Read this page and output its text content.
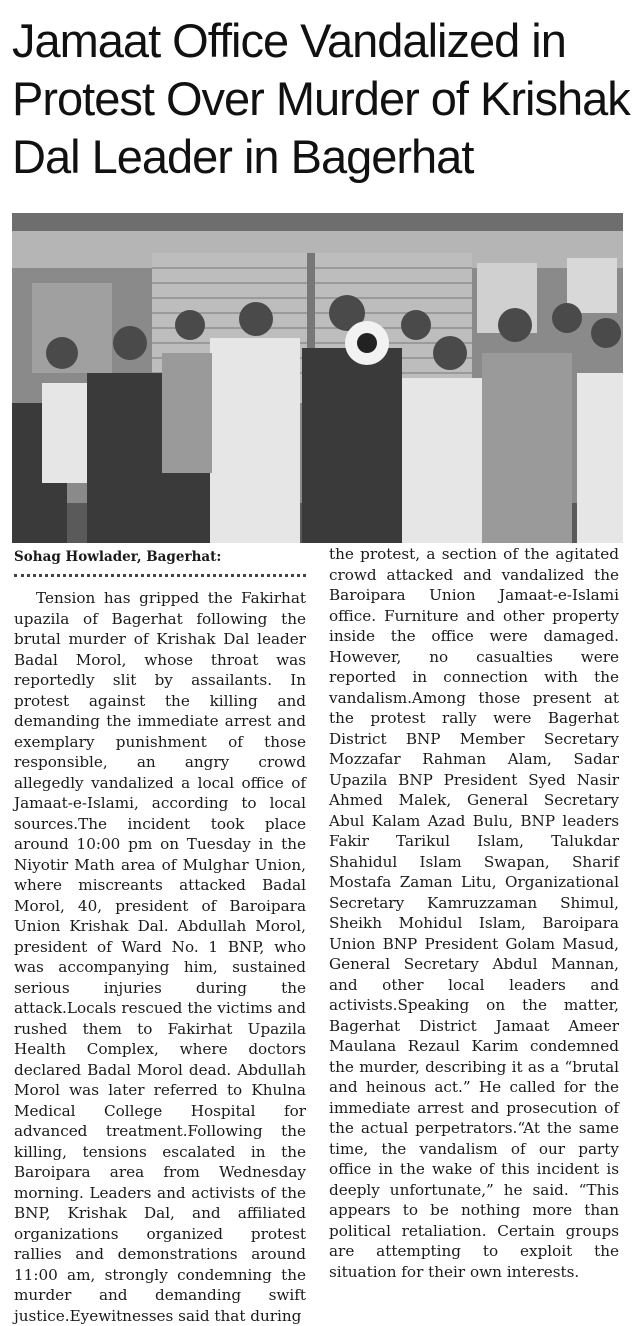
Jamaat Office Vandalized in
Protest Over Murder of Krishak
Dal Leader in Bagerhat
Sohag Howlader, Bagerhat:

Tension has gripped the Fakirhat upazila of Bagerhat following the brutal murder of Krishak Dal leader Badal Morol, whose throat was reportedly slit by assailants. In protest against the killing and demanding the immediate arrest and exemplary punishment of those responsible, an angry crowd allegedly vandalized a local office of Jamaat-e-Islami, according to local sources.The incident took place around 10:00 pm on Tuesday in the Niyotir Math area of Mulghar Union, where miscreants attacked Badal Morol, 40, president of Baroipara Union Krishak Dal. Abdullah Morol, president of Ward No. 1 BNP, who was accompanying him, sustained serious injuries during the attack.Locals rescued the victims and rushed them to Fakirhat Upazila Health Complex, where doctors declared Badal Morol dead. Abdullah Morol was later referred to Khulna Medical College Hospital for advanced treatment.Following the killing, tensions escalated in the Baroipara area from Wednesday morning. Leaders and activists of the BNP, Krishak Dal, and affiliated organizations organized protest rallies and demonstrations around 11:00 am, strongly condemning the murder and demanding swift justice.Eyewitnesses said that during

the protest, a section of the agitated crowd attacked and vandalized the Baroipara Union Jamaat-e-Islami office. Furniture and other property inside the office were damaged. However, no casualties were reported in connection with the vandalism.Among those present at the protest rally were Bagerhat District BNP Member Secretary Mozzafar Rahman Alam, Sadar Upazila BNP President Syed Nasir Ahmed Malek, General Secretary Abul Kalam Azad Bulu, BNP leaders Fakir Tarikul Islam, Talukdar Shahidul Islam Swapan, Sharif Mostafa Zaman Litu, Organizational Secretary Kamruzzaman Shimul, Sheikh Mohidul Islam, Baroipara Union BNP President Golam Masud, General Secretary Abdul Mannan, and other local leaders and activists.Speaking on the matter, Bagerhat District Jamaat Ameer Maulana Rezaul Karim condemned the murder, describing it as a “brutal and heinous act.” He called for the immediate arrest and prosecution of the actual perpetrators.“At the same time, the vandalism of our party office in the wake of this incident is deeply unfortunate,” he said. “This appears to be nothing more than political retaliation. Certain groups are attempting to exploit the situation for their own interests.
